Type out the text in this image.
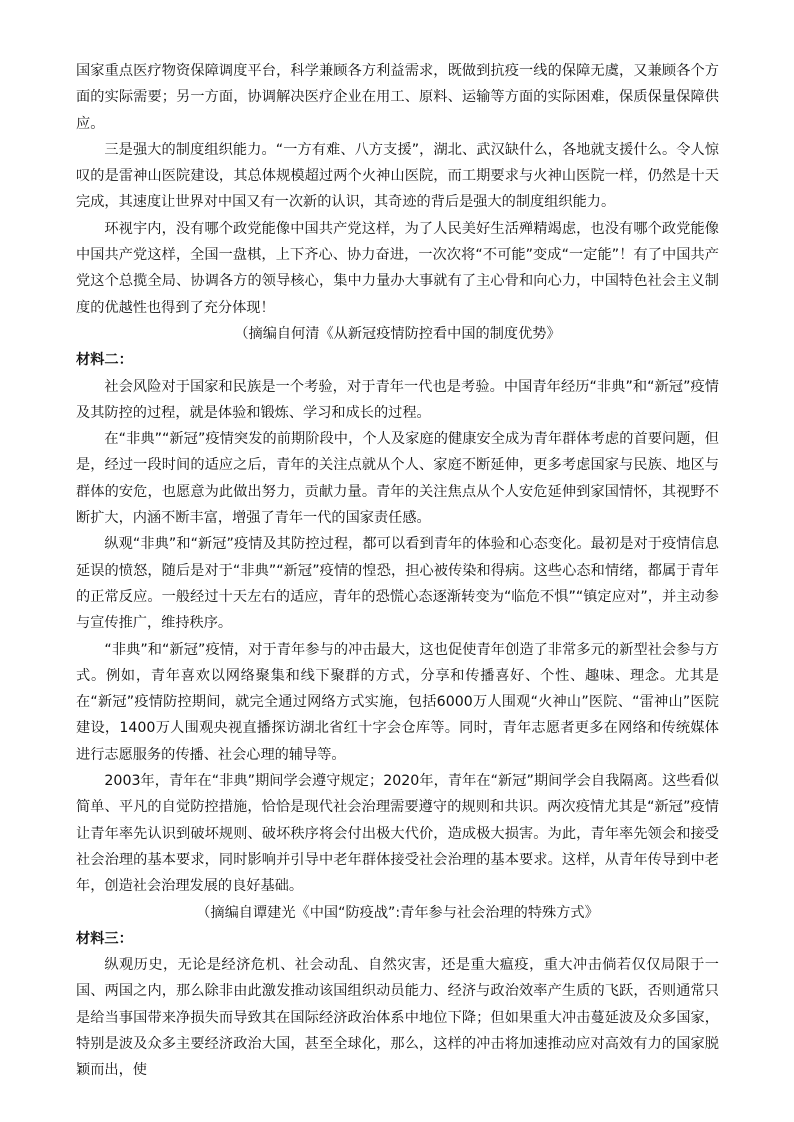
国家重点医疗物资保障调度平台，科学兼顾各方利益需求，既做到抗疫一线的保障无虞，又兼顾各个方面的实际需要；另一方面，协调解决医疗企业在用工、原料、运输等方面的实际困难，保质保量保障供应。

三是强大的制度组织能力。“一方有难、八方支援”，湖北、武汉缺什么，各地就支援什么。令人惊叹的是雷神山医院建设，其总体规模超过两个火神山医院，而工期要求与火神山医院一样，仍然是十天完成，其速度让世界对中国又有一次新的认识，其奇迹的背后是强大的制度组织能力。

环视宇内，没有哪个政党能像中国共产党这样，为了人民美好生活殚精竭虑，也没有哪个政党能像中国共产党这样，全国一盘棋，上下齐心、协力奋进，一次次将“不可能”变成“一定能”！有了中国共产党这个总揽全局、协调各方的领导核心，集中力量办大事就有了主心骨和向心力，中国特色社会主义制度的优越性也得到了充分体现！

（摘编自何清《从新冠疫情防控看中国的制度优势》

材料二：

社会风险对于国家和民族是一个考验，对于青年一代也是考验。中国青年经历“非典”和“新冠”疫情及其防控的过程，就是体验和锻炼、学习和成长的过程。

在“非典”“新冠”疫情突发的前期阶段中，个人及家庭的健康安全成为青年群体考虑的首要问题，但是，经过一段时间的适应之后，青年的关注点就从个人、家庭不断延伸，更多考虑国家与民族、地区与群体的安危，也愿意为此做出努力，贡献力量。青年的关注焦点从个人安危延伸到家国情怀，其视野不断扩大，内涵不断丰富，增强了青年一代的国家责任感。

纵观“非典”和“新冠”疫情及其防控过程，都可以看到青年的体验和心态变化。最初是对于疫情信息延误的愤怒，随后是对于“非典”“新冠”疫情的惶恐，担心被传染和得病。这些心态和情绪，都属于青年的正常反应。一般经过十天左右的适应，青年的恐慌心态逐渐转变为“临危不惧”“镇定应对”，并主动参与宣传推广，维持秩序。

“非典”和“新冠”疫情，对于青年参与的冲击最大，这也促使青年创造了非常多元的新型社会参与方式。例如，青年喜欢以网络聚集和线下聚群的方式，分享和传播喜好、个性、趣味、理念。尤其是在“新冠”疫情防控期间，就完全通过网络方式实施，包括6000万人围观“火神山”医院、“雷神山”医院建设，1400万人围观央视直播探访湖北省红十字会仓库等。同时，青年志愿者更多在网络和传统媒体进行志愿服务的传播、社会心理的辅导等。

2003年，青年在“非典”期间学会遵守规定；2020年，青年在“新冠”期间学会自我隔离。这些看似简单、平凡的自觉防控措施，恰恰是现代社会治理需要遵守的规则和共识。两次疫情尤其是“新冠”疫情让青年率先认识到破坏规则、破坏秩序将会付出极大代价，造成极大损害。为此，青年率先领会和接受社会治理的基本要求，同时影响并引导中老年群体接受社会治理的基本要求。这样，从青年传导到中老年，创造社会治理发展的良好基础。

（摘编自谭建光《中国“防疫战”:青年参与社会治理的特殊方式》

材料三：

纵观历史，无论是经济危机、社会动乱、自然灾害，还是重大瘟疫，重大冲击倘若仅仅局限于一国、两国之内，那么除非由此激发推动该国组织动员能力、经济与政治效率产生质的飞跃，否则通常只是给当事国带来净损失而导致其在国际经济政治体系中地位下降；但如果重大冲击蔓延波及众多国家，特别是波及众多主要经济政治大国，甚至全球化，那么，这样的冲击将加速推动应对高效有力的国家脱颖而出，使
